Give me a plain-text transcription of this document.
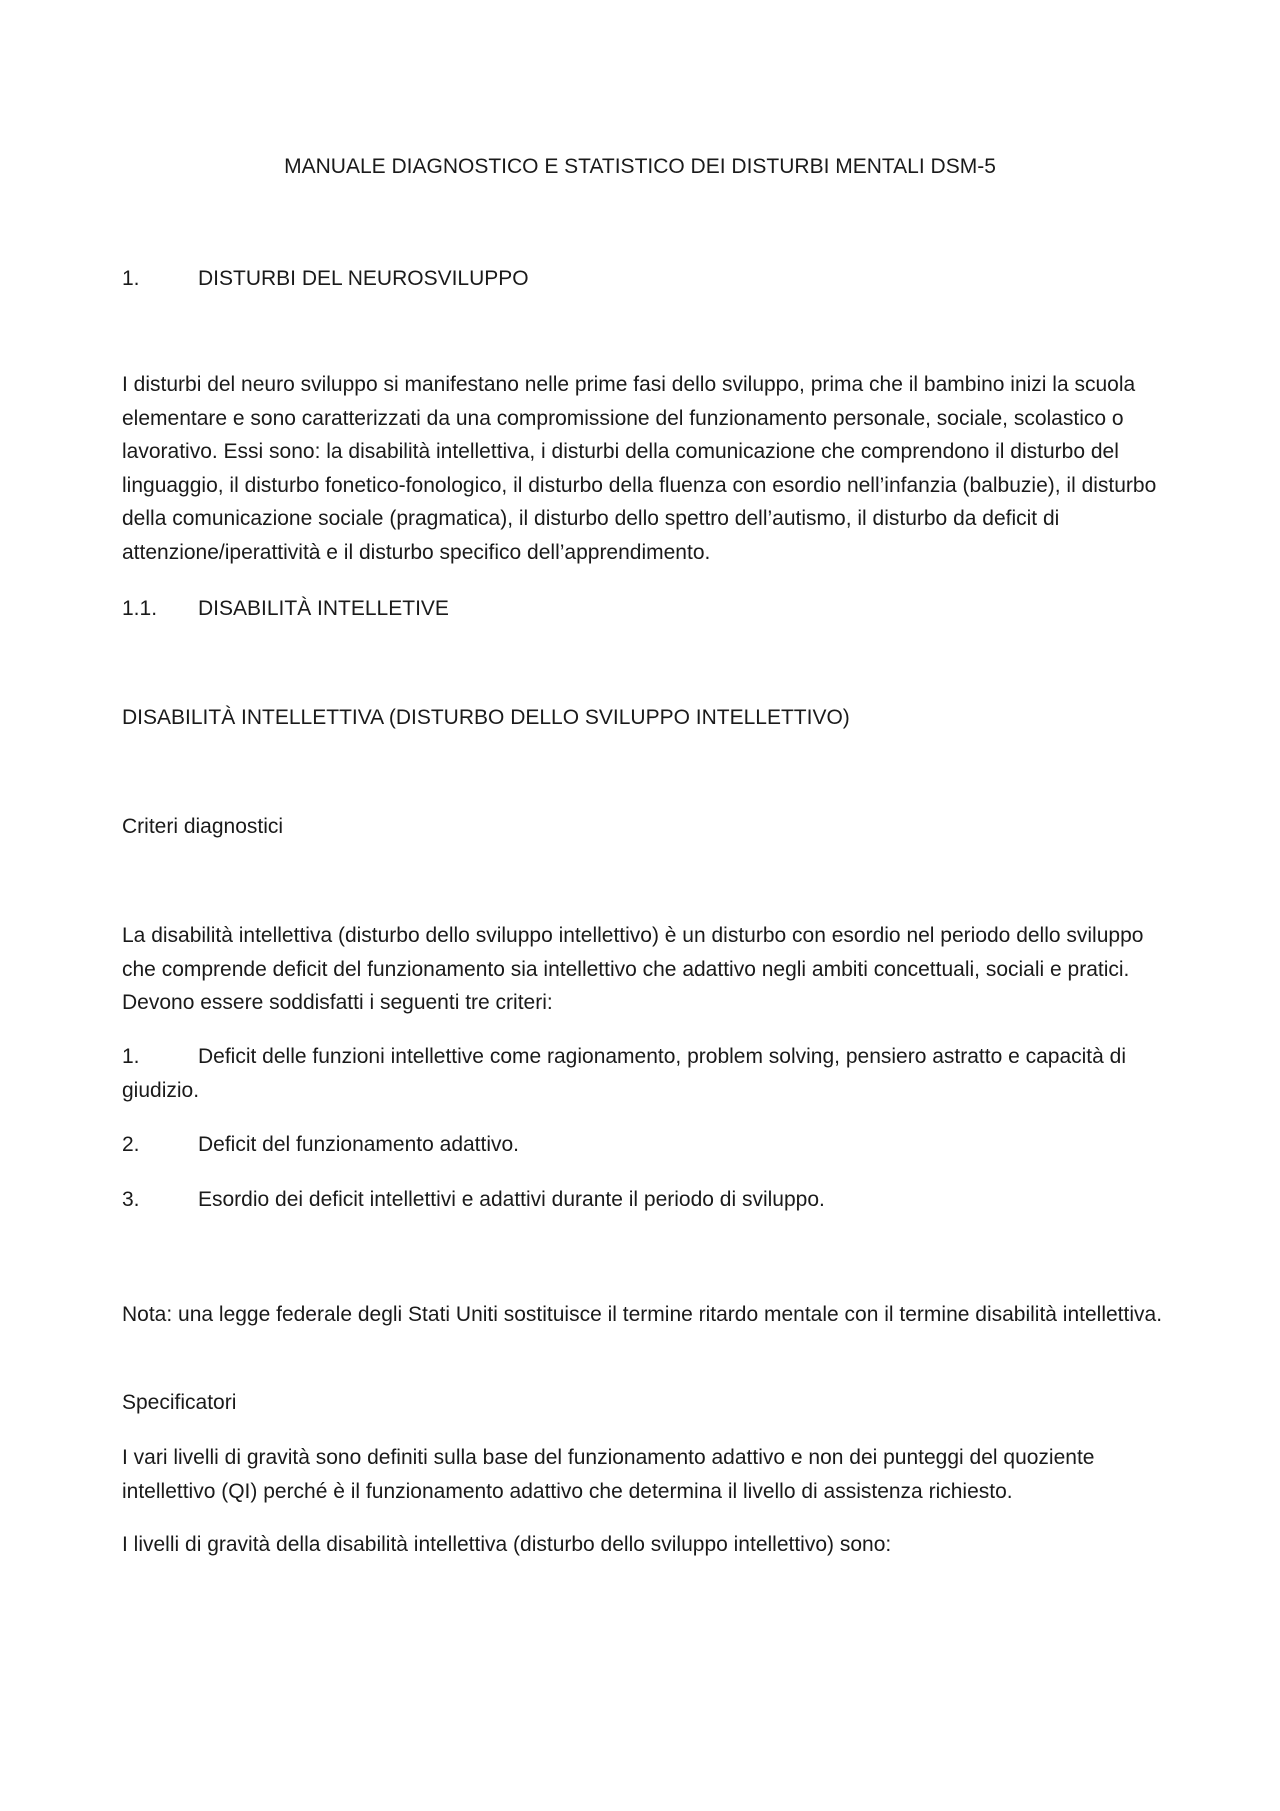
MANUALE DIAGNOSTICO E STATISTICO DEI DISTURBI MENTALI DSM-5

1.	DISTURBI DEL NEUROSVILUPPO

I disturbi del neuro sviluppo si manifestano nelle prime fasi dello sviluppo, prima che il bambino inizi la scuola elementare e sono caratterizzati da una compromissione del funzionamento personale, sociale, scolastico o lavorativo. Essi sono: la disabilità intellettiva, i disturbi della comunicazione che comprendono il disturbo del linguaggio, il disturbo fonetico-fonologico, il disturbo della fluenza con esordio nell’infanzia (balbuzie), il disturbo della comunicazione sociale (pragmatica), il disturbo dello spettro dell’autismo, il disturbo da deficit di attenzione/iperattività e il disturbo specifico dell’apprendimento.

1.1. DISABILITÀ INTELLETIVE

DISABILITÀ INTELLETTIVA (DISTURBO DELLO SVILUPPO INTELLETTIVO)

Criteri diagnostici

La disabilità intellettiva (disturbo dello sviluppo intellettivo) è un disturbo con esordio nel periodo dello sviluppo che comprende deficit del funzionamento sia intellettivo che adattivo negli ambiti concettuali, sociali e pratici. Devono essere soddisfatti i seguenti tre criteri:

1.	Deficit delle funzioni intellettive come ragionamento, problem solving, pensiero astratto e capacità di giudizio.

2.	Deficit del funzionamento adattivo.

3.	Esordio dei deficit intellettivi e adattivi durante il periodo di sviluppo.

Nota: una legge federale degli Stati Uniti sostituisce il termine ritardo mentale con il termine disabilità intellettiva.

Specificatori

I vari livelli di gravità sono definiti sulla base del funzionamento adattivo e non dei punteggi del quoziente intellettivo (QI) perché è il funzionamento adattivo che determina il livello di assistenza richiesto.

I livelli di gravità della disabilità intellettiva (disturbo dello sviluppo intellettivo) sono:
